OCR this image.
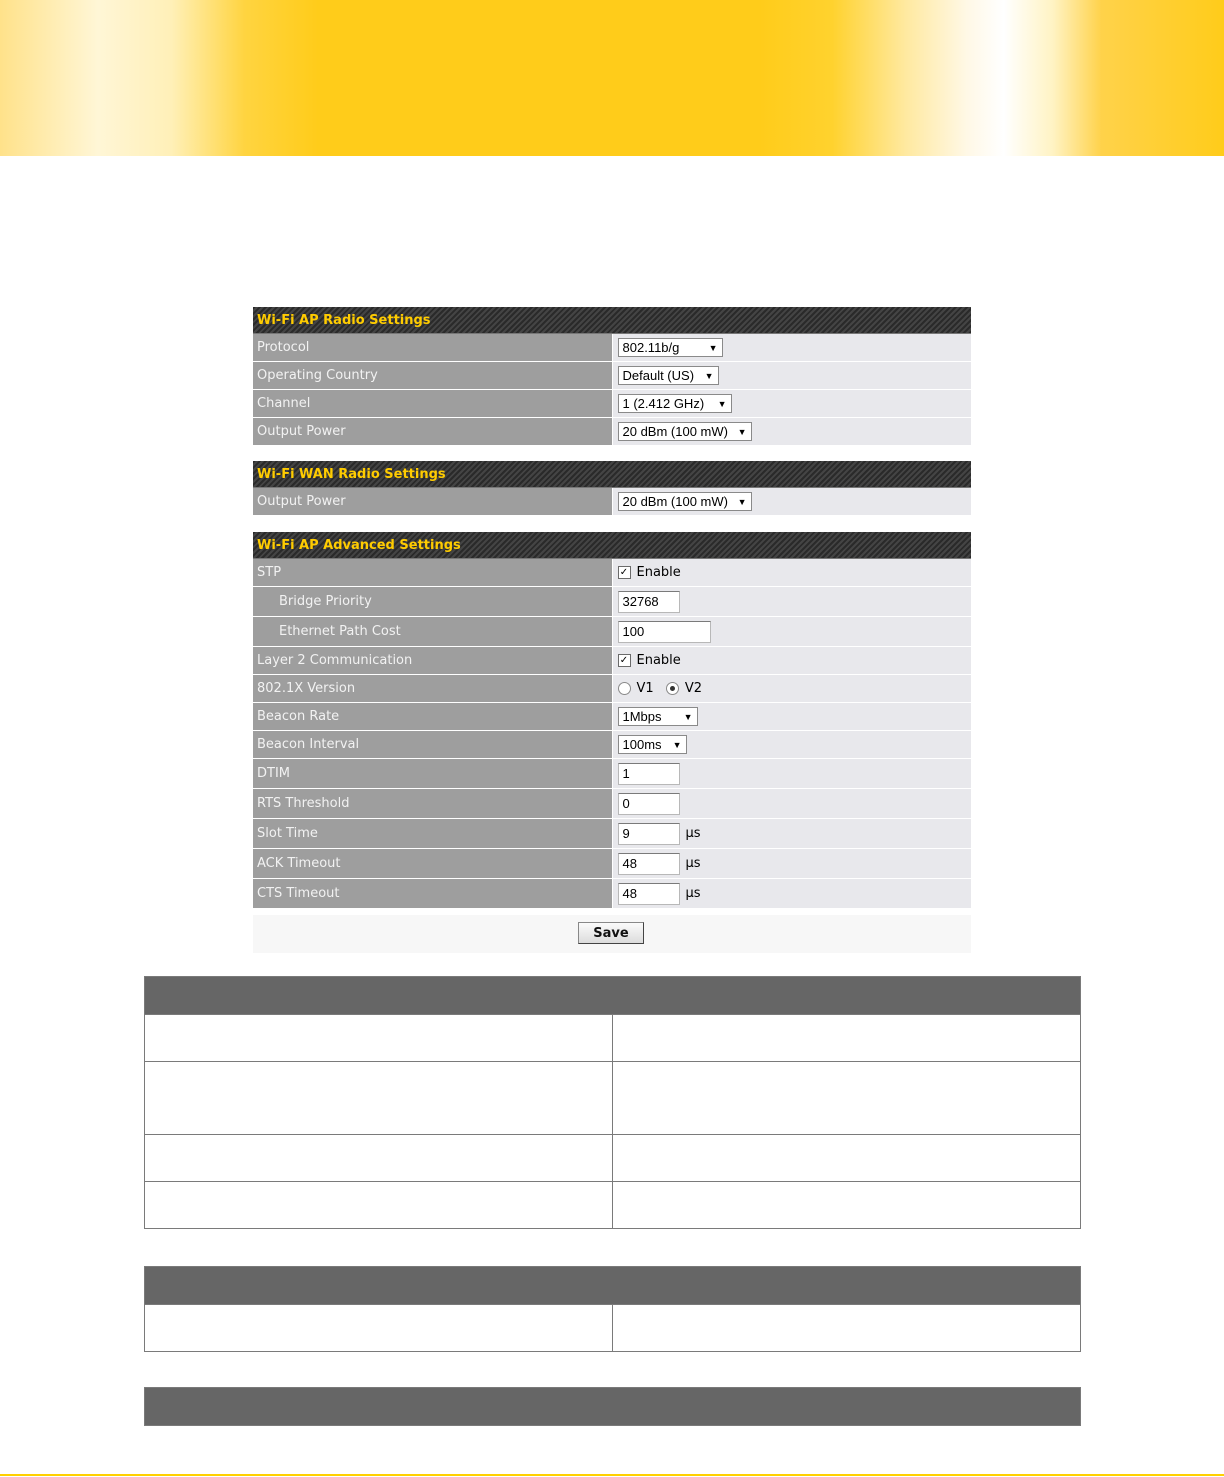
Wi-Fi AP Radio Settings	
Protocol	802.11b/g ▼

Operating Country	Default (US) ▼

Channel	1 (2.412 GHz) ▼

Output Power	20 dBm (100 mW) ▼
Wi-Fi WAN Radio Settings
Output Power	20 dBm (100 mW) ▼
Wi-Fi AP Advanced Settings	
STP	✓ Enable
Bridge Priority	32768
Ethernet Path Cost	100
Layer 2 Communication	✓ Enable
802.1X Version	V1 V2
Beacon Rate	1Mbps ▼

Beacon Interval	100ms ▼

DTIM	1
RTS Threshold	0
Slot Time	9 μs
ACK Timeout	48 μs
CTS Timeout	48 μs
Save
